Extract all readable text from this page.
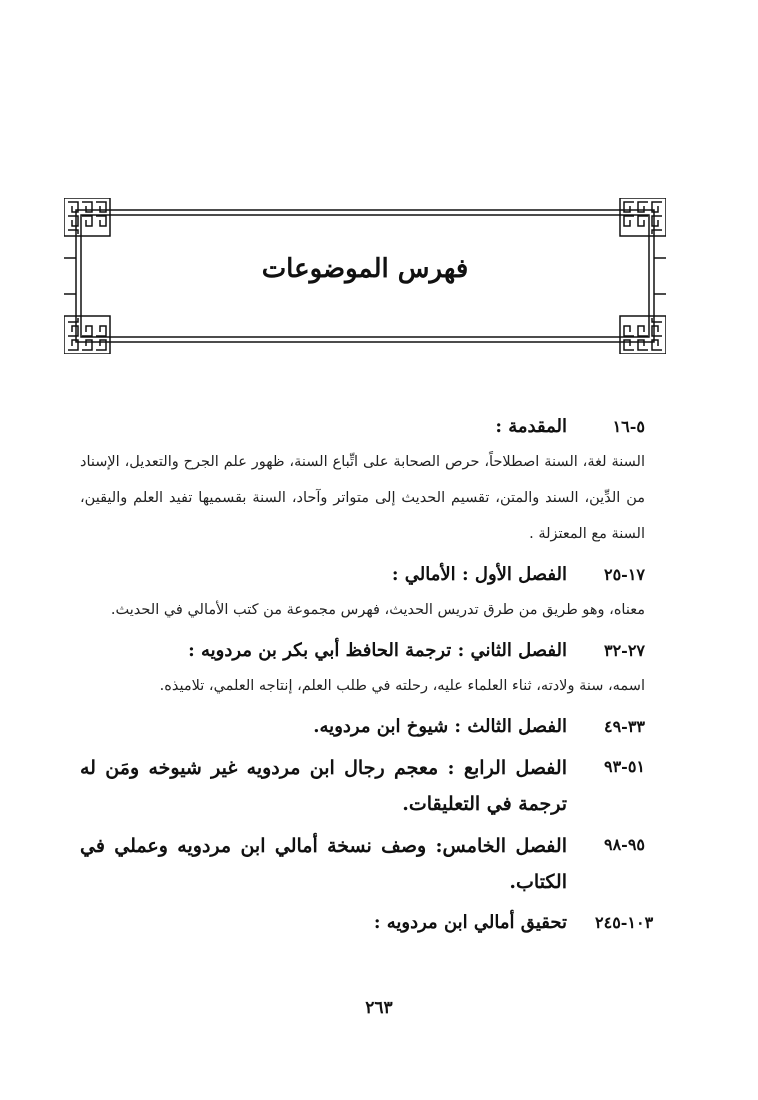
فهرس الموضوعات
٥-١٦
المقدمة :
السنة لغة، السنة اصطلاحاً، حرص الصحابة على اتِّباع السنة، ظهور علم الجرح والتعديل، الإسناد من الدِّين، السند والمتن، تقسيم الحديث إلى متواتر وآحاد، السنة بقسميها تفيد العلم واليقين، السنة مع المعتزلة .
١٧-٢٥
الفصل الأول : الأمالي :
معناه، وهو طريق من طرق تدريس الحديث، فهرس مجموعة من كتب الأمالي في الحديث.
٢٧-٣٢
الفصل الثاني : ترجمة الحافظ أبي بكر بن مردويه :
اسمه، سنة ولادته، ثناء العلماء عليه، رحلته في طلب العلم، إنتاجه العلمي، تلاميذه.
٣٣-٤٩
الفصل الثالث : شيوخ ابن مردويه.
٥١-٩٣
الفصل الرابع : معجم رجال ابن مردويه غير شيوخه ومَن له ترجمة في التعليقات.
٩٥-٩٨
الفصل الخامس: وصف نسخة أمالي ابن مردويه وعملي في الكتاب.
١٠٣-٢٤٥
تحقيق أمالي ابن مردويه :
٢٦٣
